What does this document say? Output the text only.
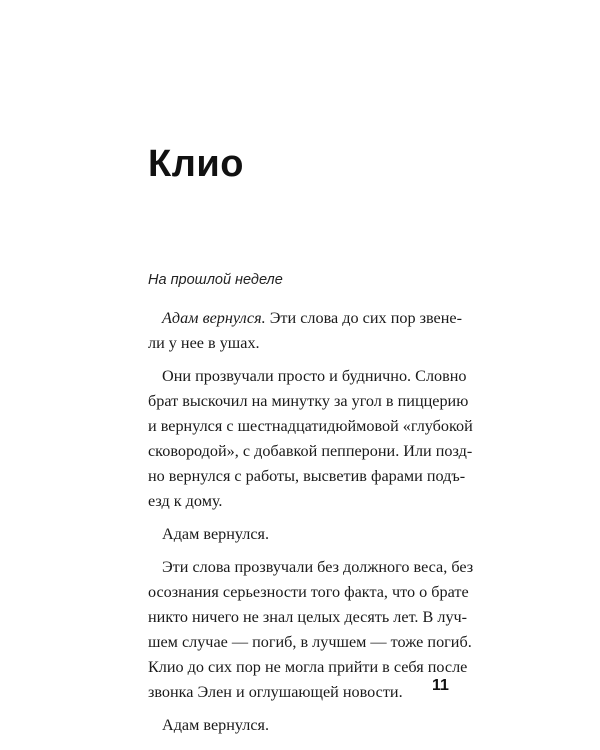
Клио

На прошлой неделе

Адам вернулся. Эти слова до сих пор звене-
ли у нее в ушах.
Они прозвучали просто и буднично. Словно
брат выскочил на минутку за угол в пиццерию
и вернулся с шестнадцатидюймовой «глубокой
сковородой», с добавкой пепперони. Или позд-
но вернулся с работы, высветив фарами подъ-
езд к дому.
Адам вернулся.
Эти слова прозвучали без должного веса, без
осознания серьезности того факта, что о брате
никто ничего не знал целых десять лет. В луч-
шем случае — погиб, в лучшем — тоже погиб.
Клио до сих пор не могла прийти в себя после
звонка Элен и оглушающей новости.
Адам вернулся.

11
